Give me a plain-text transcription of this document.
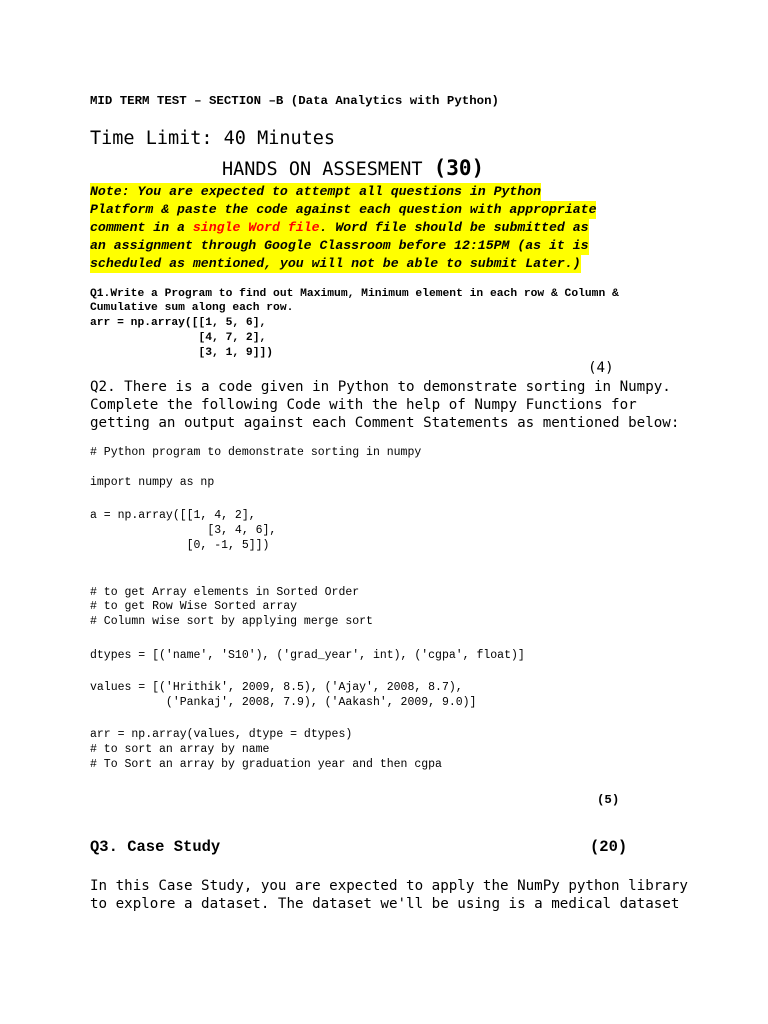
MID TERM TEST – SECTION –B (Data Analytics with Python)
Time Limit: 40 Minutes
HANDS ON ASSESMENT (30)
Note: You are expected to attempt all questions in Python
Platform & paste the code against each question with appropriate
comment in a single Word file. Word file should be submitted as
an assignment through Google Classroom before 12:15PM (as it is
scheduled as mentioned, you will not be able to submit Later.)
Q1.Write a Program to find out Maximum, Minimum element in each row & Column &
Cumulative sum along each row.
arr = np.array([[1, 5, 6],
[4, 7, 2],
[3, 1, 9]])
(4)
Q2. There is a code given in Python to demonstrate sorting in Numpy.
Complete the following Code with the help of Numpy Functions for
getting an output against each Comment Statements as mentioned below:
# Python program to demonstrate sorting in numpy
import numpy as np
a = np.array([[1, 4, 2],
[3, 4, 6],
[0, -1, 5]])
# to get Array elements in Sorted Order
# to get Row Wise Sorted array
# Column wise sort by applying merge sort
dtypes = [('name', 'S10'), ('grad_year', int), ('cgpa', float)]
values = [('Hrithik', 2009, 8.5), ('Ajay', 2008, 8.7),
('Pankaj', 2008, 7.9), ('Aakash', 2009, 9.0)]
arr = np.array(values, dtype = dtypes)
# to sort an array by name
# To Sort an array by graduation year and then cgpa
(5)
Q3. Case Study	(20)
In this Case Study, you are expected to apply the NumPy python library
to explore a dataset. The dataset we'll be using is a medical dataset
